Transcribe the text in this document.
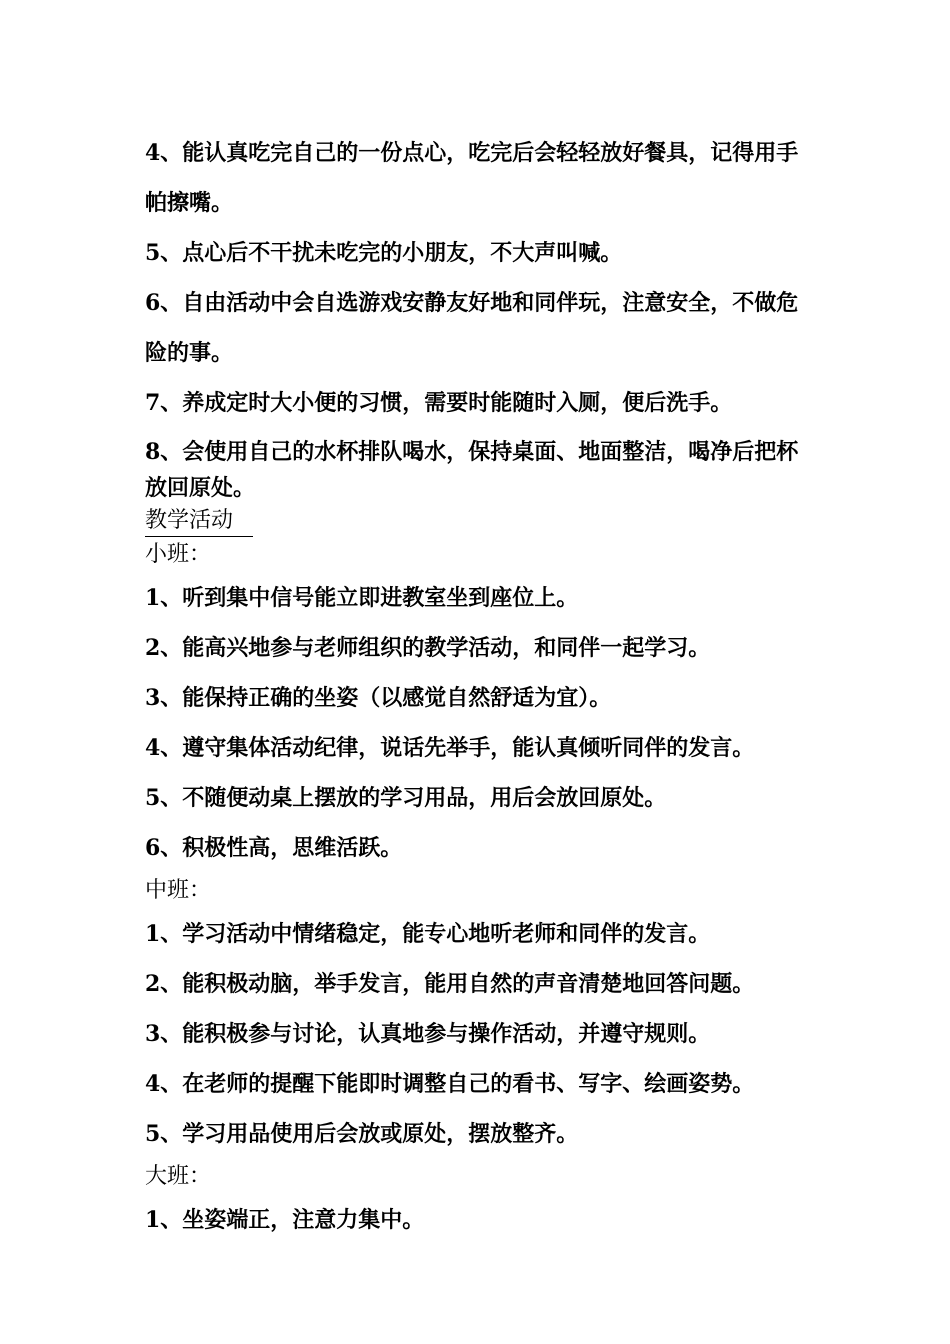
4、能认真吃完自己的一份点心，吃完后会轻轻放好餐具，记得用手帕擦嘴。

5、点心后不干扰未吃完的小朋友，不大声叫喊。

6、自由活动中会自选游戏安静友好地和同伴玩，注意安全，不做危险的事。

7、养成定时大小便的习惯，需要时能随时入厕，便后洗手。

8、会使用自己的水杯排队喝水，保持桌面、地面整洁，喝净后把杯放回原处。

教学活动

小班：

1、听到集中信号能立即进教室坐到座位上。

2、能高兴地参与老师组织的教学活动，和同伴一起学习。

3、能保持正确的坐姿（以感觉自然舒适为宜）。

4、遵守集体活动纪律，说话先举手，能认真倾听同伴的发言。

5、不随便动桌上摆放的学习用品，用后会放回原处。

6、积极性高，思维活跃。

中班：

1、学习活动中情绪稳定，能专心地听老师和同伴的发言。

2、能积极动脑，举手发言，能用自然的声音清楚地回答问题。

3、能积极参与讨论，认真地参与操作活动，并遵守规则。

4、在老师的提醒下能即时调整自己的看书、写字、绘画姿势。

5、学习用品使用后会放或原处，摆放整齐。

大班：

1、坐姿端正，注意力集中。
